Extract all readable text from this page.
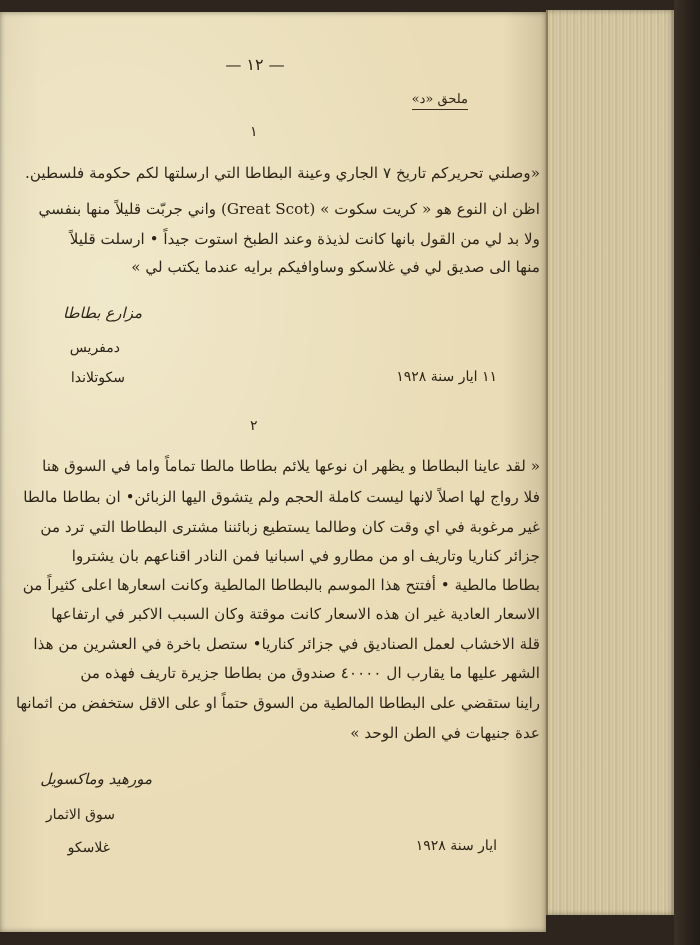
— ١٢ —
ملحق «د»
١
«وصلني تحريركم تاريخ ٧ الجاري وعينة البطاطا التي ارسلتها لكم حكومة فلسطين.
اظن ان النوع هو « كريت سكوت » (Great Scot) واني جربّت قليلاً منها بنفسي
ولا بد لي من القول بانها كانت لذيذة وعند الطبخ استوت جيداً • ارسلت قليلاً
منها الى صديق لي في غلاسكو وساوافيكم برايه عندما يكتب لي »
مزارع بطاطا
دمفريس
سكوتلاندا	١١ ايار سنة ١٩٢٨
٢
« لقد عاينا البطاطا و يظهر ان نوعها يلائم بطاطا مالطا تماماً واما في السوق هنا
فلا رواج لها اصلاً لانها ليست كاملة الحجم ولم يتشوق اليها الزبائن• ان بطاطا مالطا
غير مرغوبة في اي وقت كان وطالما يستطيع زبائننا مشترى البطاطا التي ترد من
جزائر كناريا وتاريف او من مطارو في اسبانيا فمن النادر اقناعهم بان يشتروا
بطاطا مالطية • أفتتح هذا الموسم بالبطاطا المالطية وكانت اسعارها اعلى كثيراً من
الاسعار العادية غير ان هذه الاسعار كانت موقتة وكان السبب الاكبر في ارتفاعها
قلة الاخشاب لعمل الصناديق في جزائر كناريا• ستصل باخرة في العشرين من هذا
الشهر عليها ما يقارب ال ٤٠٠٠٠ صندوق من بطاطا جزيرة تاريف فهذه من
راينا ستقضي على البطاطا المالطية من السوق حتماً او على الاقل ستخفض من اثمانها
عدة جنيهات في الطن الوحد »
مورهيد وماكسويل
سوق الاثمار
غلاسكو	ايار سنة ١٩٢٨
